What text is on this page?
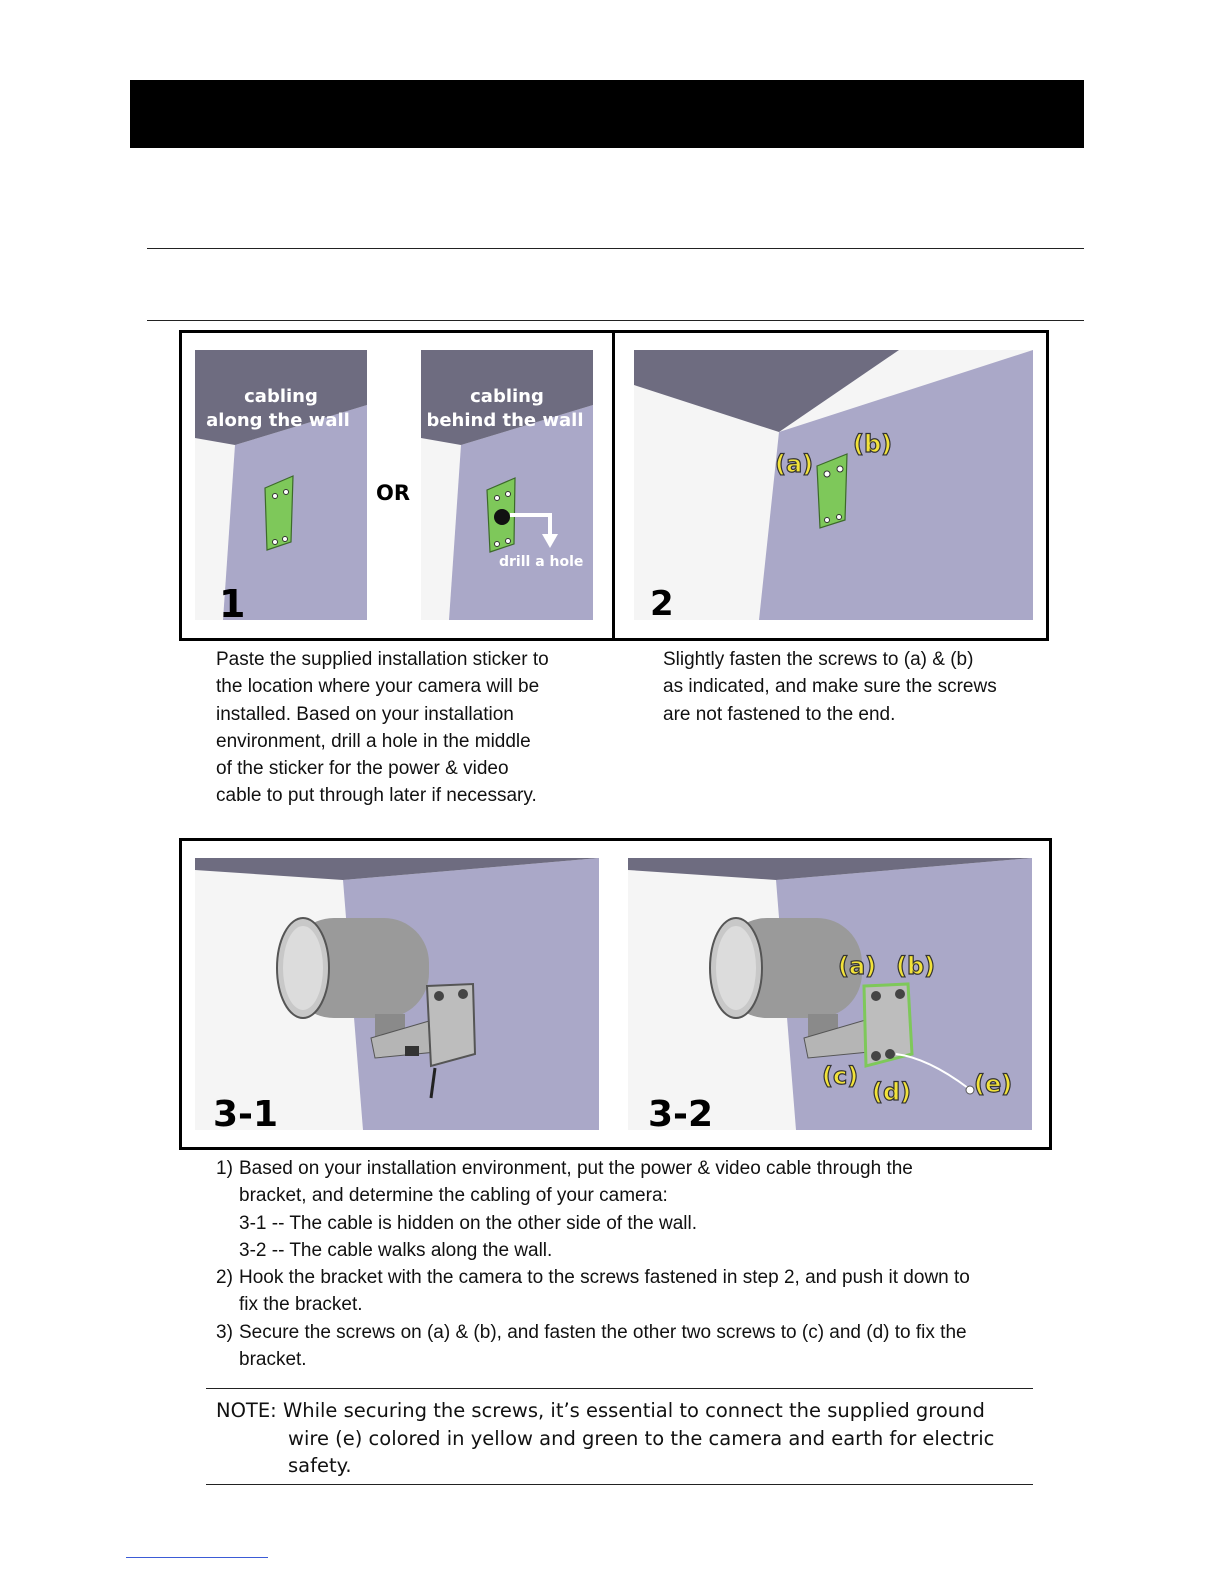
cabling
along the wall
1
OR
cabling
behind the wall
drill a hole
(a)
(b)
2

Paste the supplied installation sticker to

the location where your camera will be

installed. Based on your installation

environment, drill a hole in the middle

of the sticker for the power & video

cable to put through later if necessary.

Slightly fasten the screws to (a) & (b)

as indicated, and make sure the screws

are not fastened to the end.

3-1
(a) (b)
(c)
(d)	(e)
3-2
1) Based on your installation environment, put the power & video cable through the
bracket, and determine the cabling of your camera:
3-1 -- The cable is hidden on the other side of the wall.
3-2 -- The cable walks along the wall.
2) Hook the bracket with the camera to the screws fastened in step 2, and push it down to
fix the bracket.
3) Secure the screws on (a) & (b), and fasten the other two screws to (c) and (d) to fix the
bracket.
NOTE: While securing the screws, it’s essential to connect the supplied ground
wire (e) colored in yellow and green to the camera and earth for electric
safety.
